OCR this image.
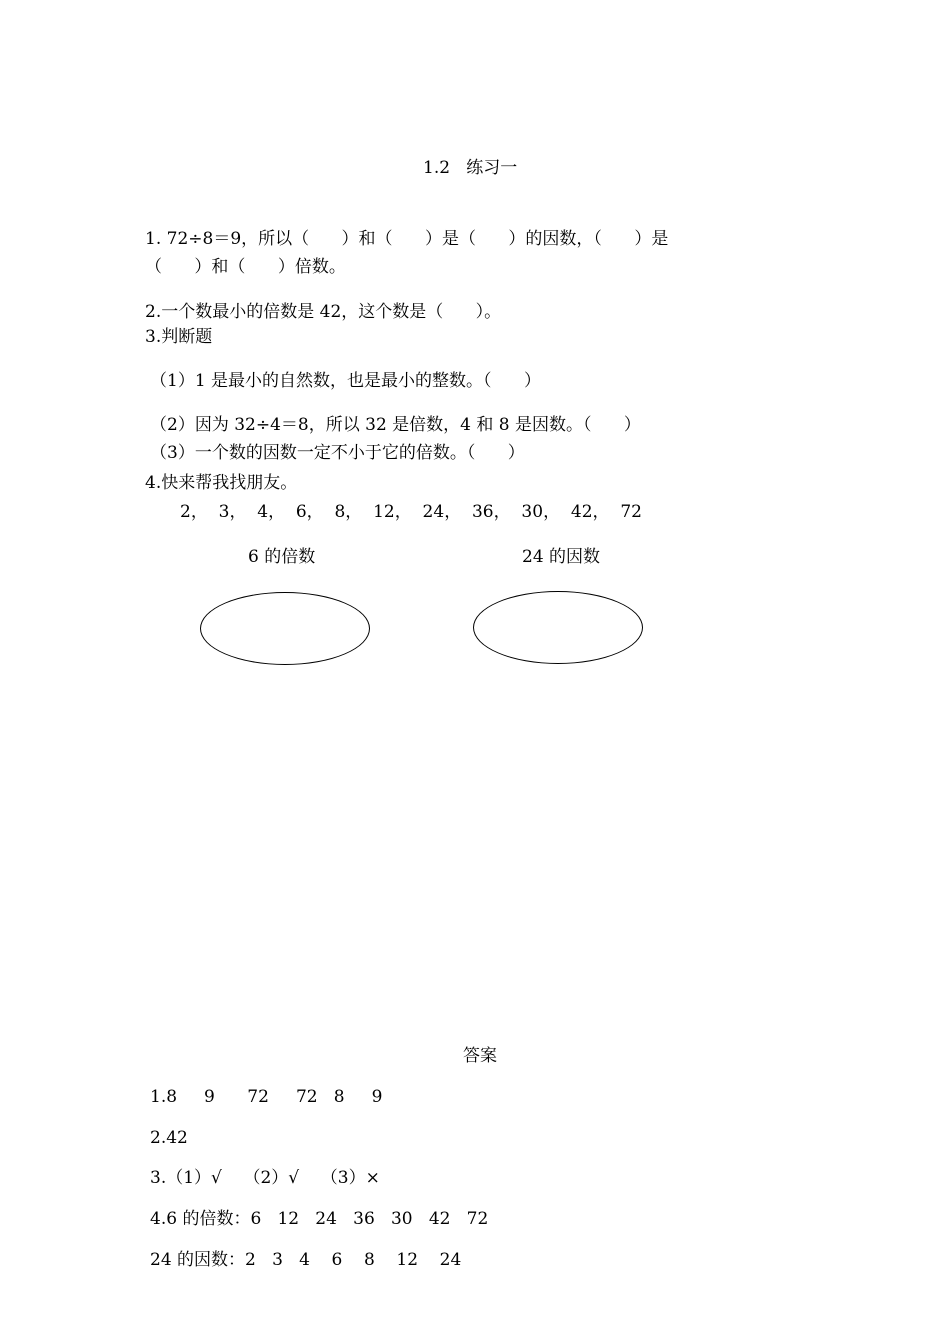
1.2   练习一
1. 72÷8＝9，所以（      ）和（      ）是（      ）的因数，（      ）是
（      ）和（      ）倍数。
2.一个数最小的倍数是 42，这个数是（      ）。
3.判断题
（1）1 是最小的自然数，也是最小的整数。（      ）
（2）因为 32÷4＝8，所以 32 是倍数，4 和 8 是因数。（      ）
（3）一个数的因数一定不小于它的倍数。（      ）
4.快来帮我找朋友。
2，  3，  4，  6，  8，  12，  24，  36，  30，  42，  72
6 的倍数	24 的因数
答案
1.8     9      72     72   8     9
2.42
3.（1）√    （2）√    （3）×
4.6 的倍数：6   12   24   36   30   42   72
24 的因数：2   3   4    6    8    12    24
